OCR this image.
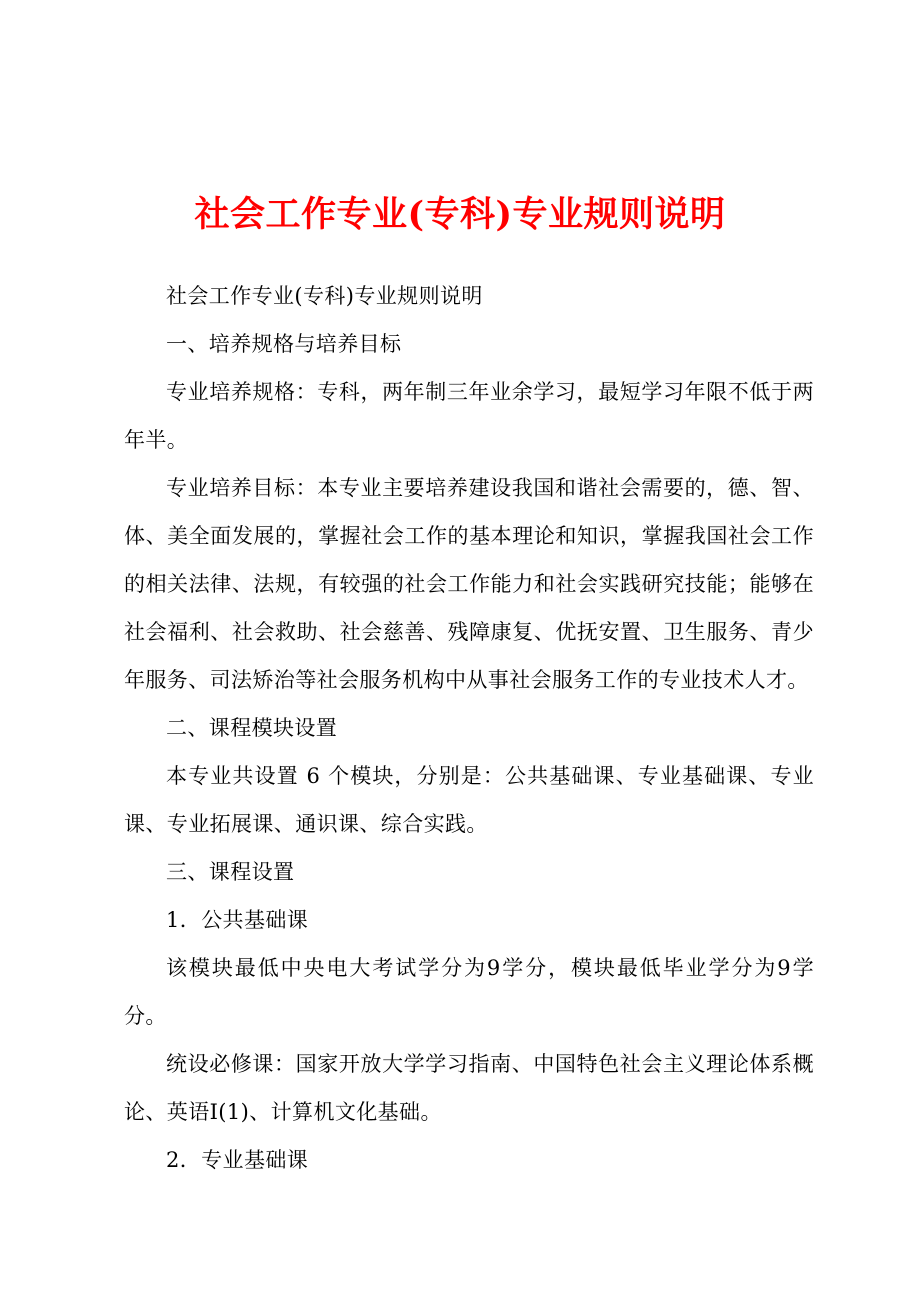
社会工作专业(专科)专业规则说明

社会工作专业(专科)专业规则说明

一、培养规格与培养目标

专业培养规格：专科，两年制三年业余学习，最短学习年限不低于两年半。

专业培养目标：本专业主要培养建设我国和谐社会需要的，德、智、体、美全面发展的，掌握社会工作的基本理论和知识，掌握我国社会工作的相关法律、法规，有较强的社会工作能力和社会实践研究技能；能够在社会福利、社会救助、社会慈善、残障康复、优抚安置、卫生服务、青少年服务、司法矫治等社会服务机构中从事社会服务工作的专业技术人才。

二、课程模块设置

本专业共设置 6 个模块，分别是：公共基础课、专业基础课、专业课、专业拓展课、通识课、综合实践。

三、课程设置

1．公共基础课

该模块最低中央电大考试学分为9学分，模块最低毕业学分为9学分。

统设必修课：国家开放大学学习指南、中国特色社会主义理论体系概论、英语Ⅰ(1)、计算机文化基础。

2．专业基础课
